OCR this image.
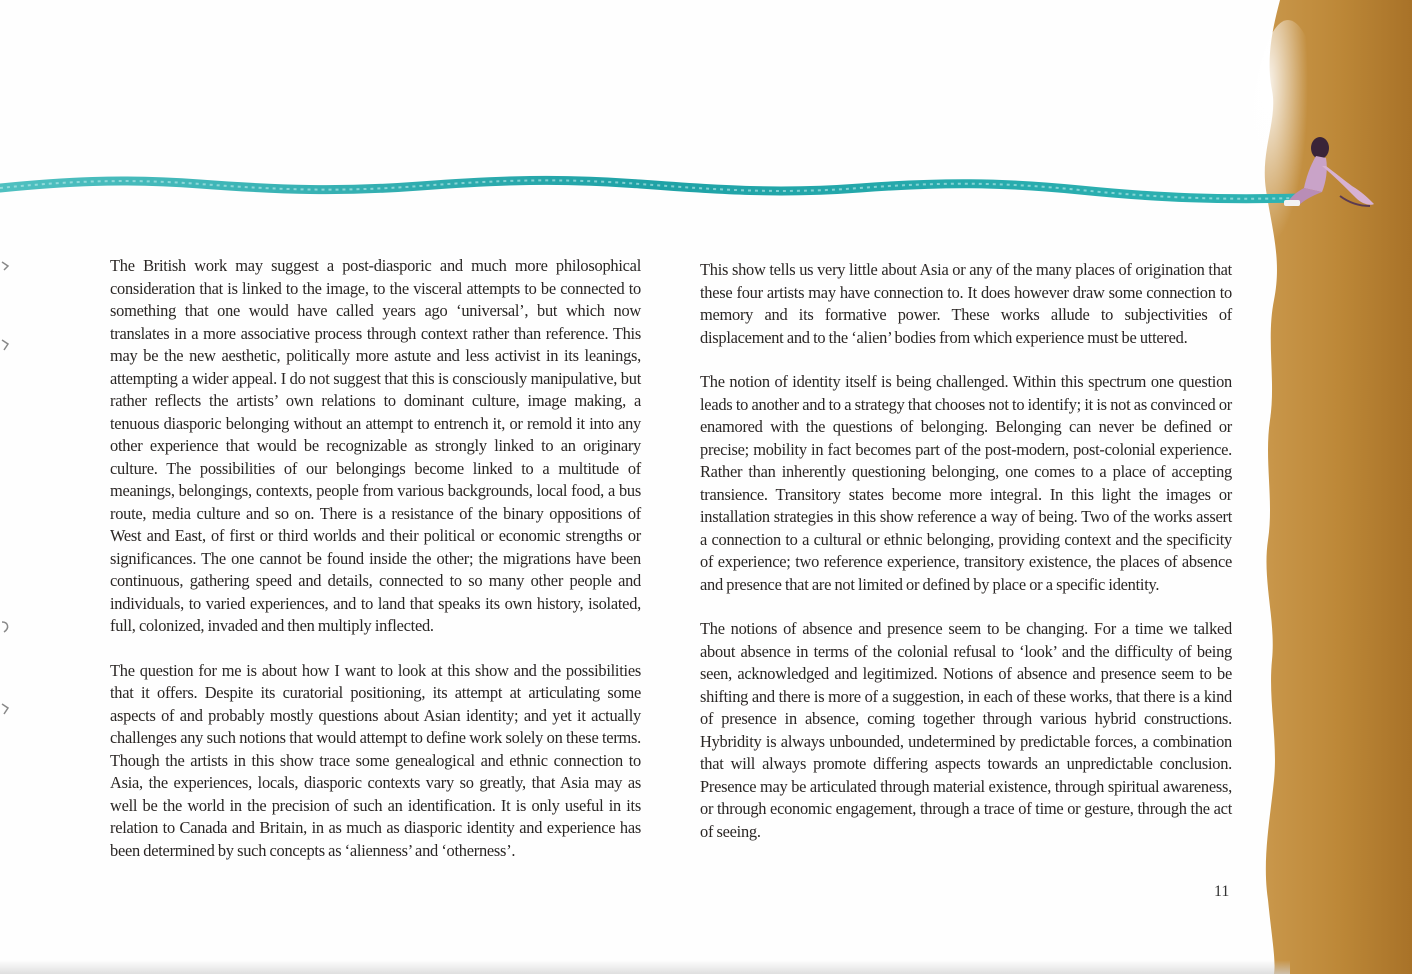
The British work may suggest a post-diasporic and much more philosophical consideration that is linked to the image, to the visceral attempts to be connected to something that one would have called years ago ‘universal’, but which now translates in a more associative process through context rather than reference. This may be the new aesthetic, politically more astute and less activist in its leanings, attempting a wider appeal. I do not suggest that this is consciously manipulative, but rather reflects the artists’ own relations to dominant culture, image making, a tenuous diasporic belonging without an attempt to entrench it, or remold it into any other experience that would be recognizable as strongly linked to an originary culture. The possibilities of our belongings become linked to a multitude of meanings, belongings, contexts, people from various backgrounds, local food, a bus route, media culture and so on. There is a resistance of the binary oppositions of West and East, of first or third worlds and their political or economic strengths or significances. The one cannot be found inside the other; the migrations have been continuous, gathering speed and details, connected to so many other people and individuals, to varied experiences, and to land that speaks its own history, isolated, full, colonized, invaded and then multiply inflected.

The question for me is about how I want to look at this show and the possibilities that it offers. Despite its curatorial positioning, its attempt at articulating some aspects of and probably mostly questions about Asian identity; and yet it actually challenges any such notions that would attempt to define work solely on these terms. Though the artists in this show trace some genealogical and ethnic connection to Asia, the experiences, locals, diasporic contexts vary so greatly, that Asia may as well be the world in the precision of such an identification. It is only useful in its relation to Canada and Britain, in as much as diasporic identity and experience has been determined by such concepts as ‘alienness’ and ‘otherness’.

This show tells us very little about Asia or any of the many places of origination that these four artists may have connection to. It does however draw some connection to memory and its formative power. These works allude to subjectivities of displacement and to the ‘alien’ bodies from which experience must be uttered.

The notion of identity itself is being challenged. Within this spectrum one question leads to another and to a strategy that chooses not to identify; it is not as convinced or enamored with the questions of belonging. Belonging can never be defined or precise; mobility in fact becomes part of the post-modern, post-colonial experience. Rather than inherently questioning belonging, one comes to a place of accepting transience. Transitory states become more integral. In this light the images or installation strategies in this show reference a way of being. Two of the works assert a connection to a cultural or ethnic belonging, providing context and the specificity of experience; two reference experience, transitory existence, the places of absence and presence that are not limited or defined by place or a specific identity.

The notions of absence and presence seem to be changing. For a time we talked about absence in terms of the colonial refusal to ‘look’ and the difficulty of being seen, acknowledged and legitimized. Notions of absence and presence seem to be shifting and there is more of a suggestion, in each of these works, that there is a kind of presence in absence, coming together through various hybrid constructions. Hybridity is always unbounded, undetermined by predictable forces, a combination that will always promote differing aspects towards an unpredictable conclusion. Presence may be articulated through material existence, through spiritual awareness, or through economic engagement, through a trace of time or gesture, through the act of seeing.

11
